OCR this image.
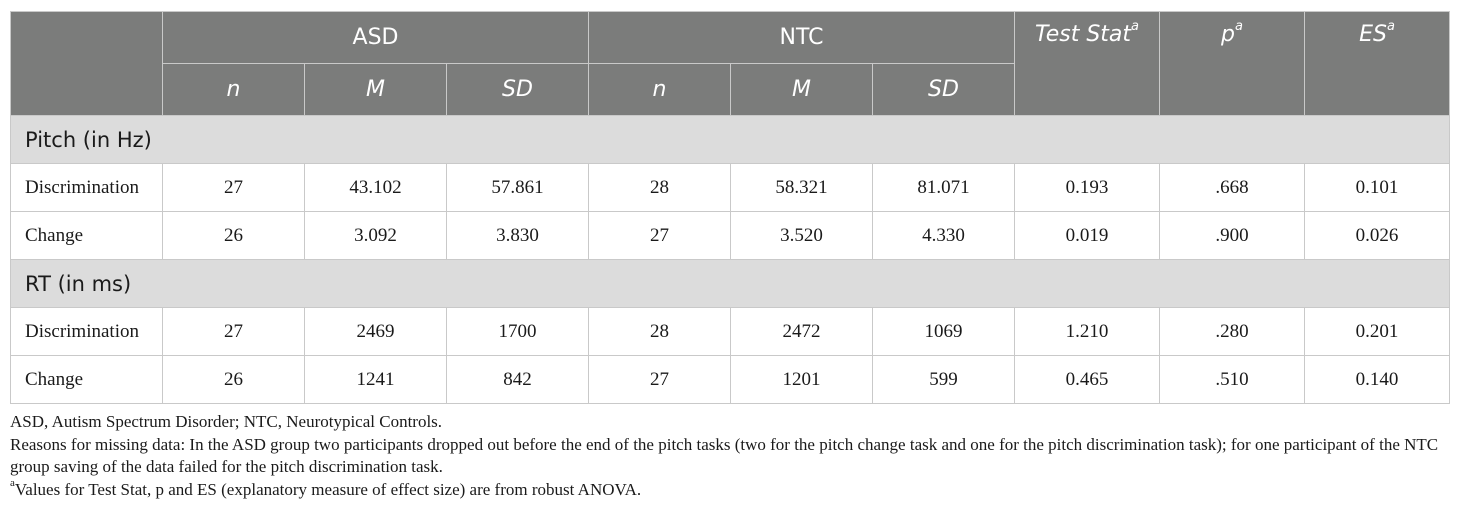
	ASD			NTC			Test Stat$^a$	$p^a$	$ES^a$
	n	M	SD	n	M	SD			
Pitch (in Hz)									
Discrimination	27	43.102	57.861	28	58.321	81.071	0.193	.668	0.101
Change	26	3.092	3.830	27	3.520	4.330	0.019	.900	0.026
RT (in ms)									
Discrimination	27	2469	1700	28	2472	1069	1.210	.280	0.201
Change	26	1241	842	27	1201	599	0.465	.510	0.140

ASD, Autism Spectrum Disorder; NTC, Neurotypical Controls.

Reasons for missing data: In the ASD group two participants dropped out before the end of the pitch tasks (two for the pitch change task and one for the pitch discrimination task); for one participant of the NTC group saving of the data failed for the pitch discrimination task.

$^a$Values for Test Stat, p and ES (explanatory measure of effect size) are from robust ANOVA.
